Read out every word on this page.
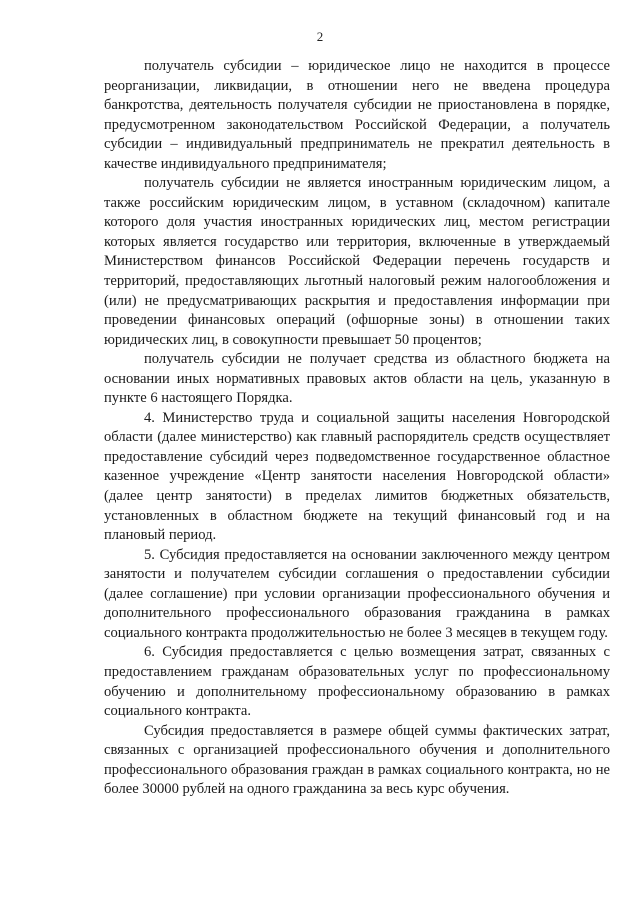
2

получатель субсидии – юридическое лицо не находится в процессе реорганизации, ликвидации, в отношении него не введена процедура банкротства, деятельность получателя субсидии не приостановлена в порядке, предусмотренном законодательством Российской Федерации, а получатель субсидии – индивидуальный предприниматель не прекратил деятельность в качестве индивидуального предпринимателя;

получатель субсидии не является иностранным юридическим лицом, а также российским юридическим лицом, в уставном (складочном) капитале которого доля участия иностранных юридических лиц, местом регистрации которых является государство или территория, включенные в утверждаемый Министерством финансов Российской Федерации перечень государств и территорий, предоставляющих льготный налоговый режим налогообложения и (или) не предусматривающих раскрытия и предоставления информации при проведении финансовых операций (офшорные зоны) в отношении таких юридических лиц, в совокупности превышает 50 процентов;

получатель субсидии не получает средства из областного бюджета на основании иных нормативных правовых актов области на цель, указанную в пункте 6 настоящего Порядка.

4. Министерство труда и социальной защиты населения Новгородской области (далее министерство) как главный распорядитель средств осуществляет предоставление субсидий через подведомственное государственное областное казенное учреждение «Центр занятости населения Новгородской области» (далее центр занятости) в пределах лимитов бюджетных обязательств, установленных в областном бюджете на текущий финансовый год и на плановый период.

5. Субсидия предоставляется на основании заключенного между центром занятости и получателем субсидии соглашения о предоставлении субсидии (далее соглашение) при условии организации профессионального обучения и дополнительного профессионального образования гражданина в рамках социального контракта продолжительностью не более 3 месяцев в текущем году.

6. Субсидия предоставляется с целью возмещения затрат, связанных с предоставлением гражданам образовательных услуг по профессиональному обучению и дополнительному профессиональному образованию в рамках социального контракта.

Субсидия предоставляется в размере общей суммы фактических затрат, связанных с организацией профессионального обучения и дополнительного профессионального образования граждан в рамках социального контракта, но не более 30000 рублей на одного гражданина за весь курс обучения.
